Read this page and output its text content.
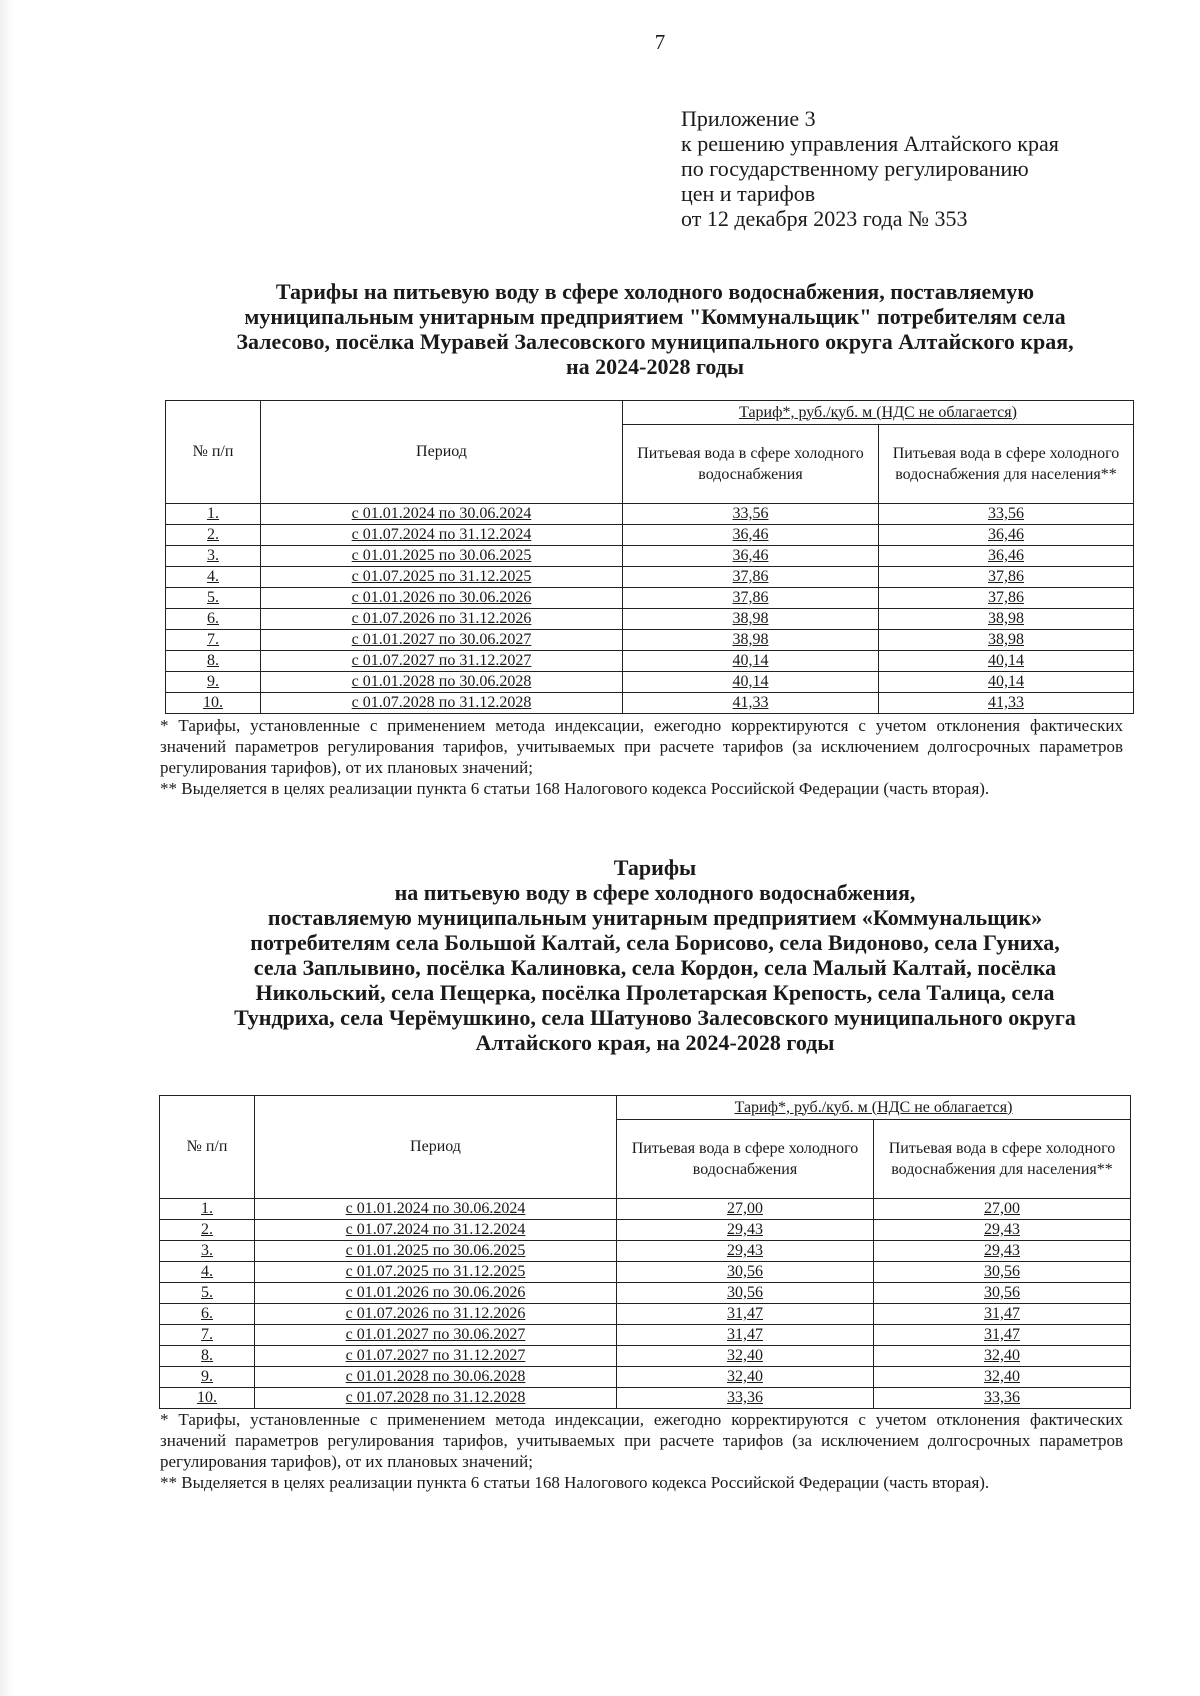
7
Приложение 3
к решению управления Алтайского края
по государственному регулированию
цен и тарифов
от 12 декабря 2023 года № 353
Тарифы на питьевую воду в сфере холодного водоснабжения, поставляемую
муниципальным унитарным предприятием "Коммунальщик" потребителям села
Залесово, посёлка Муравей Залесовского муниципального округа Алтайского края,
на 2024-2028 годы
№ п/п	Период	Тариф*, руб./куб. м (НДС не облагается)	
		Питьевая вода в сфере холодного водоснабжения	Питьевая вода в сфере холодного водоснабжения для населения**
1.	с 01.01.2024 по 30.06.2024	33,56	33,56
2.	с 01.07.2024 по 31.12.2024	36,46	36,46
3.	с 01.01.2025 по 30.06.2025	36,46	36,46
4.	с 01.07.2025 по 31.12.2025	37,86	37,86
5.	с 01.01.2026 по 30.06.2026	37,86	37,86
6.	с 01.07.2026 по 31.12.2026	38,98	38,98
7.	с 01.01.2027 по 30.06.2027	38,98	38,98
8.	с 01.07.2027 по 31.12.2027	40,14	40,14
9.	с 01.01.2028 по 30.06.2028	40,14	40,14
10.	с 01.07.2028 по 31.12.2028	41,33	41,33

* Тарифы, установленные с применением метода индексации, ежегодно корректируются с учетом отклонения фактических значений параметров регулирования тарифов, учитываемых при расчете тарифов (за исключением долгосрочных параметров регулирования тарифов), от их плановых значений;

** Выделяется в целях реализации пункта 6 статьи 168 Налогового кодекса Российской Федерации (часть вторая).

Тарифы
на питьевую воду в сфере холодного водоснабжения,
поставляемую муниципальным унитарным предприятием «Коммунальщик»
потребителям села Большой Калтай, села Борисово, села Видоново, села Гуниха,
села Заплывино, посёлка Калиновка, села Кордон, села Малый Калтай, посёлка
Никольский, села Пещерка, посёлка Пролетарская Крепость, села Талица, села
Тундриха, села Черёмушкино, села Шатуново Залесовского муниципального округа
Алтайского края, на 2024-2028 годы
№ п/п	Период	Тариф*, руб./куб. м (НДС не облагается)	
		Питьевая вода в сфере холодного водоснабжения	Питьевая вода в сфере холодного водоснабжения для населения**
1.	с 01.01.2024 по 30.06.2024	27,00	27,00
2.	с 01.07.2024 по 31.12.2024	29,43	29,43
3.	с 01.01.2025 по 30.06.2025	29,43	29,43
4.	с 01.07.2025 по 31.12.2025	30,56	30,56
5.	с 01.01.2026 по 30.06.2026	30,56	30,56
6.	с 01.07.2026 по 31.12.2026	31,47	31,47
7.	с 01.01.2027 по 30.06.2027	31,47	31,47
8.	с 01.07.2027 по 31.12.2027	32,40	32,40
9.	с 01.01.2028 по 30.06.2028	32,40	32,40
10.	с 01.07.2028 по 31.12.2028	33,36	33,36

* Тарифы, установленные с применением метода индексации, ежегодно корректируются с учетом отклонения фактических значений параметров регулирования тарифов, учитываемых при расчете тарифов (за исключением долгосрочных параметров регулирования тарифов), от их плановых значений;

** Выделяется в целях реализации пункта 6 статьи 168 Налогового кодекса Российской Федерации (часть вторая).
